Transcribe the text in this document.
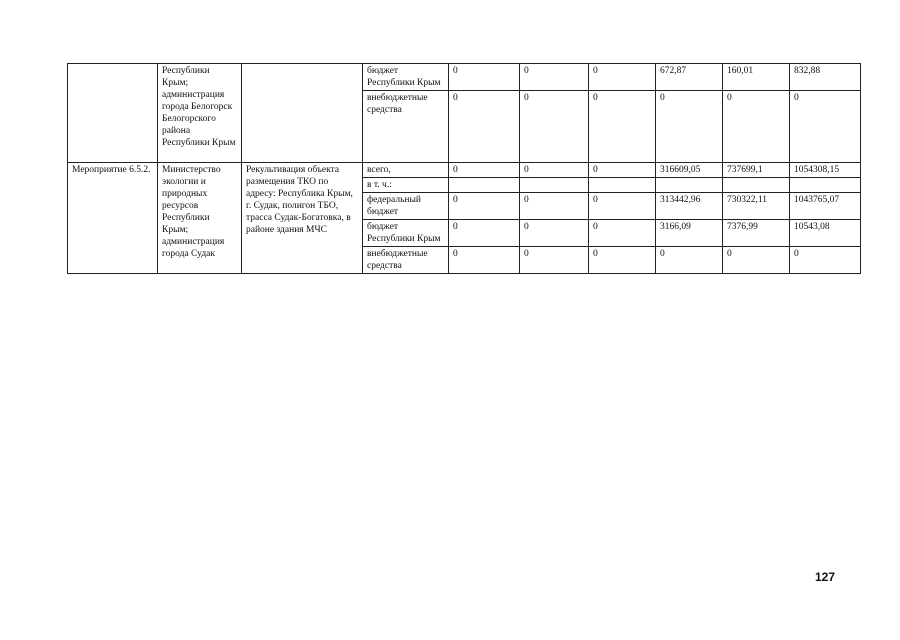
	Республики Крым; администрация города Белогорск Белогорского района Республики Крым		бюджет Республики Крым	0	0	0	672,87	160,01	832,88
			внебюджетные средства	0	0	0	0	0	0
Мероприятие 6.5.2.	Министерство экологии и природных ресурсов Республики Крым; администрация города Судак	Рекультивация объекта размещения ТКО по адресу: Республика Крым, г. Судак, полигон ТБО, трасса Судак-Богатовка, в районе здания МЧС	всего,	0	0	0	316609,05	737699,1	1054308,15
			в т. ч.:						
			федеральный бюджет	0	0	0	313442,96	730322,11	1043765,07
			бюджет Республики Крым	0	0	0	3166,09	7376,99	10543,08
			внебюджетные средства	0	0	0	0	0	0
127
